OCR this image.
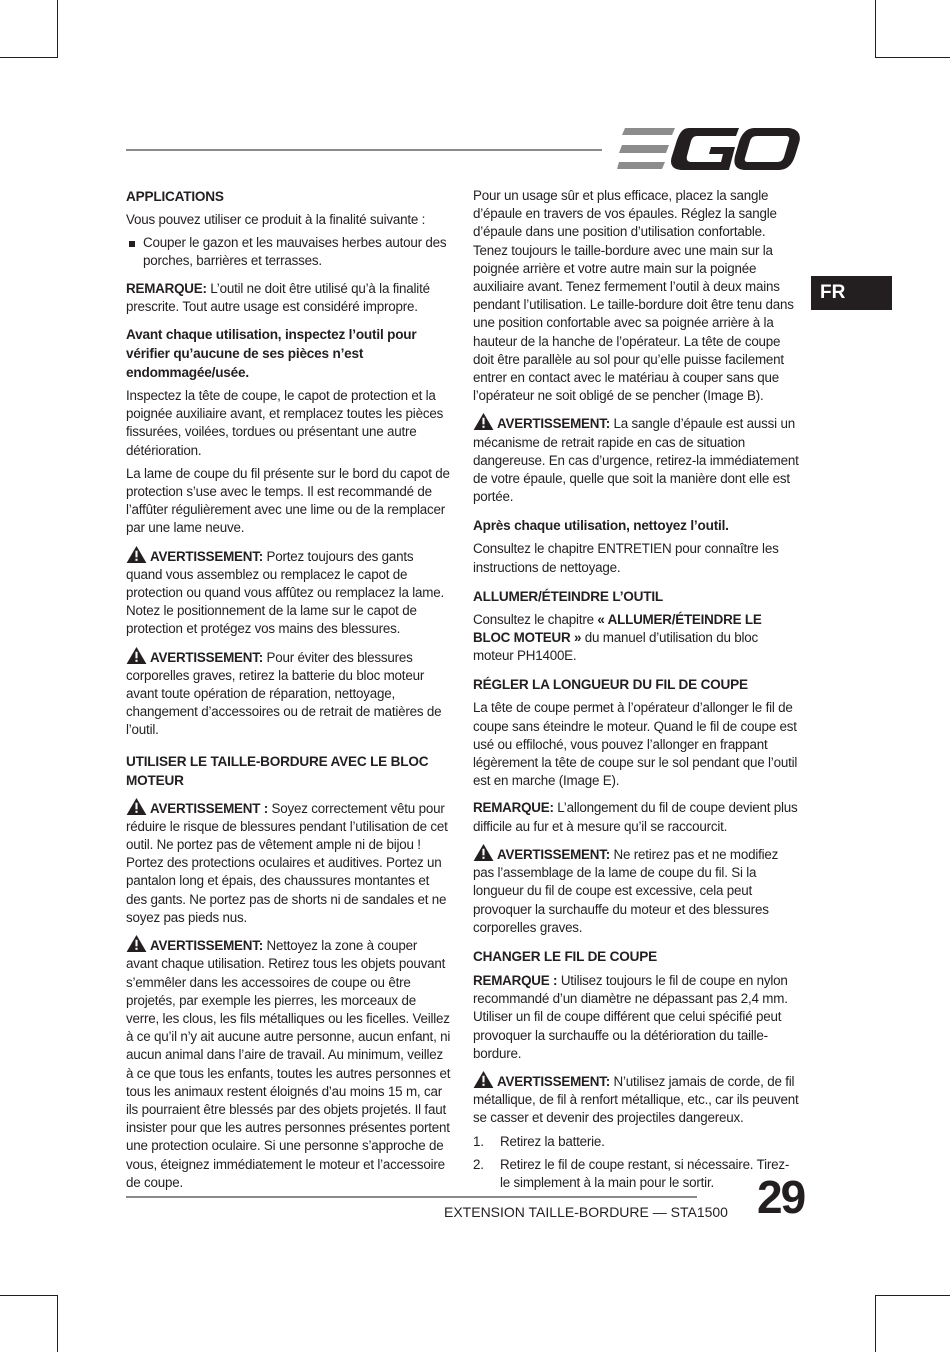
FR
APPLICATIONS

Vous pouvez utiliser ce produit à la finalité suivante :

Couper le gazon et les mauvaises herbes autour des porches, barrières et terrasses.

REMARQUE: L’outil ne doit être utilisé qu’à la finalité prescrite. Tout autre usage est considéré impropre.

Avant chaque utilisation, inspectez l’outil pour vérifier qu’aucune de ses pièces n’est endommagée/usée.

Inspectez la tête de coupe, le capot de protection et la poignée auxiliaire avant, et remplacez toutes les pièces fissurées, voilées, tordues ou présentant une autre détérioration.

La lame de coupe du fil présente sur le bord du capot de protection s’use avec le temps. Il est recommandé de l’affûter régulièrement avec une lime ou de la remplacer par une lame neuve.

AVERTISSEMENT: Portez toujours des gants quand vous assemblez ou remplacez le capot de protection ou quand vous affûtez ou remplacez la lame. Notez le positionnement de la lame sur le capot de protection et protégez vos mains des blessures.

AVERTISSEMENT: Pour éviter des blessures corporelles graves, retirez la batterie du bloc moteur avant toute opération de réparation, nettoyage, changement d’accessoires ou de retrait de matières de l’outil.

UTILISER LE TAILLE-BORDURE AVEC LE BLOC MOTEUR

AVERTISSEMENT : Soyez correctement vêtu pour réduire le risque de blessures pendant l’utilisation de cet outil. Ne portez pas de vêtement ample ni de bijou ! Portez des protections oculaires et auditives. Portez un pantalon long et épais, des chaussures montantes et des gants. Ne portez pas de shorts ni de sandales et ne soyez pas pieds nus.

AVERTISSEMENT: Nettoyez la zone à couper avant chaque utilisation. Retirez tous les objets pouvant s’emmêler dans les accessoires de coupe ou être projetés, par exemple les pierres, les morceaux de verre, les clous, les fils métalliques ou les ficelles. Veillez à ce qu’il n’y ait aucune autre personne, aucun enfant, ni aucun animal dans l’aire de travail. Au minimum, veillez à ce que tous les enfants, toutes les autres personnes et tous les animaux restent éloignés d’au moins 15 m, car ils pourraient être blessés par des objets projetés. Il faut insister pour que les autres personnes présentes portent une protection oculaire. Si une personne s’approche de vous, éteignez immédiatement le moteur et l’accessoire de coupe.

Pour un usage sûr et plus efficace, placez la sangle d’épaule en travers de vos épaules. Réglez la sangle d’épaule dans une position d’utilisation confortable. Tenez toujours le taille-bordure avec une main sur la poignée arrière et votre autre main sur la poignée auxiliaire avant. Tenez fermement l’outil à deux mains pendant l’utilisation. Le taille-bordure doit être tenu dans une position confortable avec sa poignée arrière à la hauteur de la hanche de l’opérateur. La tête de coupe doit être parallèle au sol pour qu’elle puisse facilement entrer en contact avec le matériau à couper sans que l’opérateur ne soit obligé de se pencher (Image B).

AVERTISSEMENT: La sangle d’épaule est aussi un mécanisme de retrait rapide en cas de situation dangereuse. En cas d’urgence, retirez-la immédiatement de votre épaule, quelle que soit la manière dont elle est portée.

Après chaque utilisation, nettoyez l’outil.

Consultez le chapitre ENTRETIEN pour connaître les instructions de nettoyage.

ALLUMER/ÉTEINDRE L’OUTIL

Consultez le chapitre « ALLUMER/ÉTEINDRE LE BLOC MOTEUR » du manuel d’utilisation du bloc moteur PH1400E.

RÉGLER LA LONGUEUR DU FIL DE COUPE

La tête de coupe permet à l’opérateur d’allonger le fil de coupe sans éteindre le moteur. Quand le fil de coupe est usé ou effiloché, vous pouvez l’allonger en frappant légèrement la tête de coupe sur le sol pendant que l’outil est en marche (Image E).

REMARQUE: L’allongement du fil de coupe devient plus difficile au fur et à mesure qu’il se raccourcit.

AVERTISSEMENT: Ne retirez pas et ne modifiez pas l’assemblage de la lame de coupe du fil. Si la longueur du fil de coupe est excessive, cela peut provoquer la surchauffe du moteur et des blessures corporelles graves.

CHANGER LE FIL DE COUPE

REMARQUE : Utilisez toujours le fil de coupe en nylon recommandé d’un diamètre ne dépassant pas 2,4 mm. Utiliser un fil de coupe différent que celui spécifié peut provoquer la surchauffe ou la détérioration du taille-bordure.

AVERTISSEMENT: N’utilisez jamais de corde, de fil métallique, de fil à renfort métallique, etc., car ils peuvent se casser et devenir des projectiles dangereux.

1. Retirez la batterie.
2. Retirez le fil de coupe restant, si nécessaire. Tirez-le simplement à la main pour le sortir.
EXTENSION TAILLE-BORDURE — STA1500 29
